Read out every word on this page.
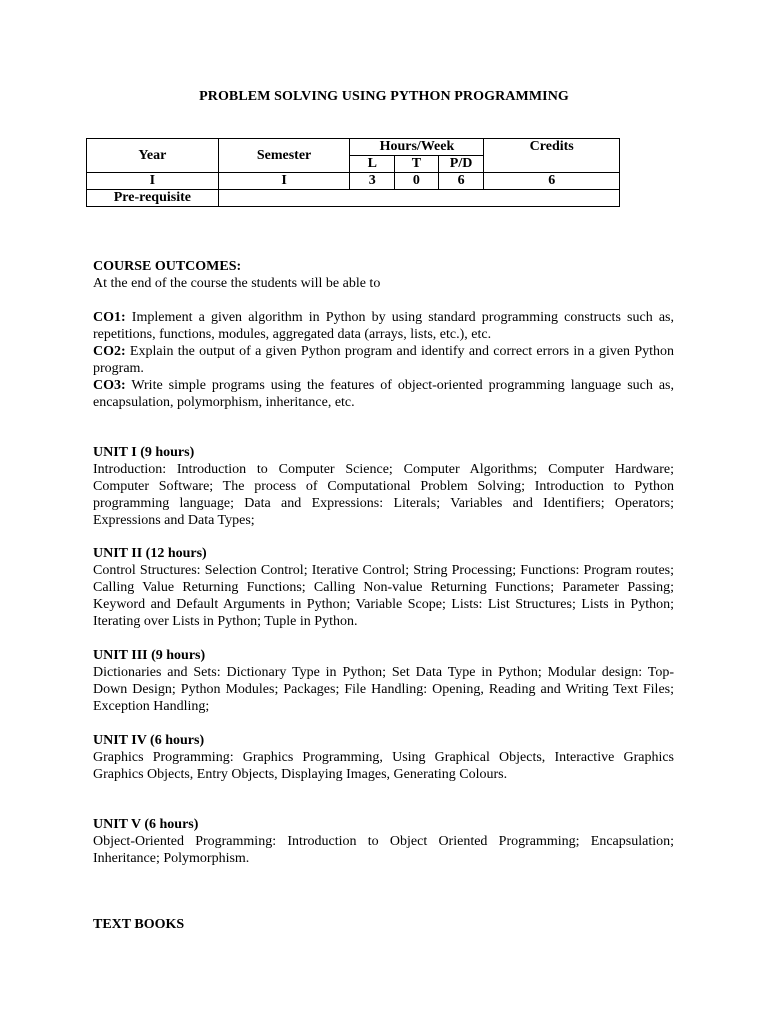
PROBLEM SOLVING USING PYTHON PROGRAMMING
Year	Semester	Hours/Week			Credits
		L	T	P/D	
I	I	3	0	6	6
Pre-requisite					

COURSE OUTCOMES:

At the end of the course the students will be able to

CO1: Implement a given algorithm in Python by using standard programming constructs such as, repetitions, functions, modules, aggregated data (arrays, lists, etc.), etc.

CO2: Explain the output of a given Python program and identify and correct errors in a given Python program.

CO3: Write simple programs using the features of object-oriented programming language such as, encapsulation, polymorphism, inheritance, etc.

UNIT I (9 hours)

Introduction: Introduction to Computer Science; Computer Algorithms; Computer Hardware; Computer Software; The process of Computational Problem Solving; Introduction to Python programming language; Data and Expressions: Literals; Variables and Identifiers; Operators; Expressions and Data Types;

UNIT II (12 hours)

Control Structures: Selection Control; Iterative Control; String Processing; Functions: Program routes; Calling Value Returning Functions; Calling Non-value Returning Functions; Parameter Passing; Keyword and Default Arguments in Python; Variable Scope; Lists: List Structures; Lists in Python; Iterating over Lists in Python; Tuple in Python.

UNIT III (9 hours)

Dictionaries and Sets: Dictionary Type in Python; Set Data Type in Python; Modular design: Top-Down Design; Python Modules; Packages; File Handling: Opening, Reading and Writing Text Files; Exception Handling;

UNIT IV (6 hours)

Graphics Programming: Graphics Programming, Using Graphical Objects, Interactive Graphics Graphics Objects, Entry Objects, Displaying Images, Generating Colours.

UNIT V (6 hours)

Object-Oriented Programming: Introduction to Object Oriented Programming; Encapsulation; Inheritance; Polymorphism.

TEXT BOOKS
